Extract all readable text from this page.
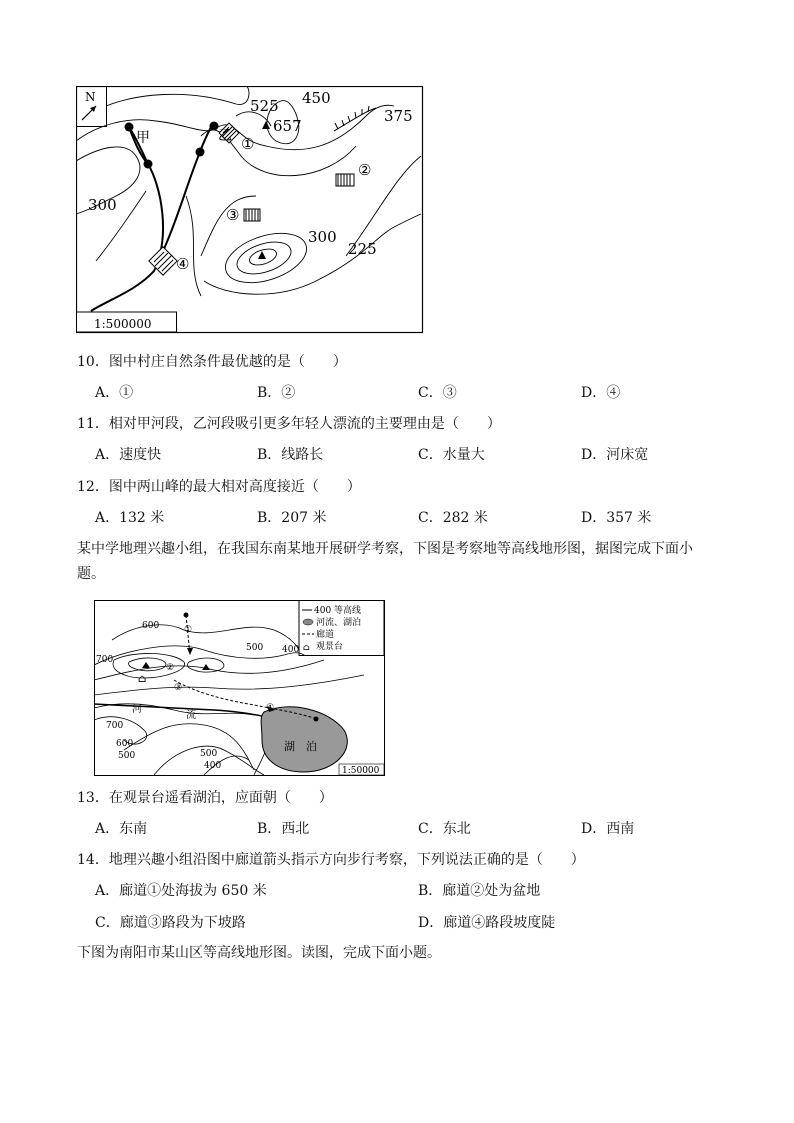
N
1:500000
525 450
657
375
300
300
225
①
②
③
④
甲	乙
10．图中村庄自然条件最优越的是（　　）
A．①	B．②	C．③	D．④
11．相对甲河段，乙河段吸引更多年轻人漂流的主要理由是（　　）
A．速度快	B．线路长	C．水量大	D．河床宽
12．图中两山峰的最大相对高度接近（　　）
A．132 米	B．207 米	C．282 米	D．357 米
某中学地理兴趣小组，在我国东南某地开展研学考察，下图是考察地等高线地形图，据图完成下面小题。
⌂
400 等高线
河流、湖泊
廊道
观景台
湖　泊
⌂
①
②
③
④
600
500 400
700
700
600
500	500
400
河
流
1:50000
13．在观景台遥看湖泊，应面朝（　　）
A．东南	B．西北	C．东北	D．西南
14．地理兴趣小组沿图中廊道箭头指示方向步行考察，下列说法正确的是（　　）
A．廊道①处海拔为 650 米	B．廊道②处为盆地
C．廊道③路段为下坡路	D．廊道④路段坡度陡
下图为南阳市某山区等高线地形图。读图，完成下面小题。
